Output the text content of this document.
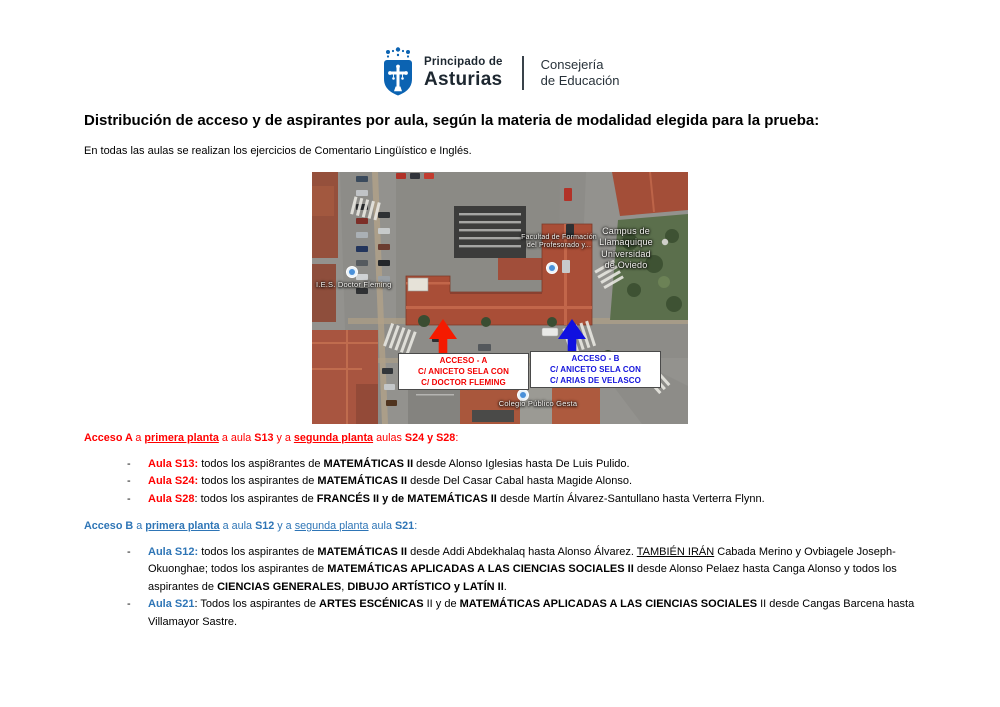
Principado de
Asturias
Consejería
de Educación
Distribución de acceso y de aspirantes por aula, según la materia de modalidad elegida para la prueba:
En todas las aulas se realizan los ejercicios de Comentario Lingüístico e Inglés.
Facultad de Formación
del Profesorado y...
Campus de
Llamaquique
Universidad
de Oviedo
I.E.S. Doctor Fleming
Colegio Público Gesta
ACCESO - A
C/ ANICETO SELA CON
C/ DOCTOR FLEMING
ACCESO - B
C/ ANICETO SELA CON
C/ ARIAS DE VELASCO
Acceso A a primera planta a aula S13 y a segunda planta aulas S24 y S28:
-	Aula S13: todos los aspi8rantes de MATEMÁTICAS II desde Alonso Iglesias hasta De Luis Pulido.
-	Aula S24: todos los aspirantes de MATEMÁTICAS II desde Del Casar Cabal hasta Magide Alonso.
-	Aula S28: todos los aspirantes de FRANCÉS II y de MATEMÁTICAS II desde Martín Álvarez-Santullano hasta Verterra Flynn.
Acceso B a primera planta a aula S12 y a segunda planta aula S21:
-	Aula S12: todos los aspirantes de MATEMÁTICAS II desde Addi Abdekhalaq hasta Alonso Álvarez. TAMBIÉN IRÁN Cabada Merino y Ovbiagele Joseph-Okuonghae; todos los aspirantes de MATEMÁTICAS APLICADAS A LAS CIENCIAS SOCIALES II desde Alonso Pelaez hasta Canga Alonso y todos los aspirantes de CIENCIAS GENERALES, DIBUJO ARTÍSTICO y LATÍN II.
-	Aula S21: Todos los aspirantes de ARTES ESCÉNICAS II y de MATEMÁTICAS APLICADAS A LAS CIENCIAS SOCIALES II desde Cangas Barcena hasta Villamayor Sastre.
